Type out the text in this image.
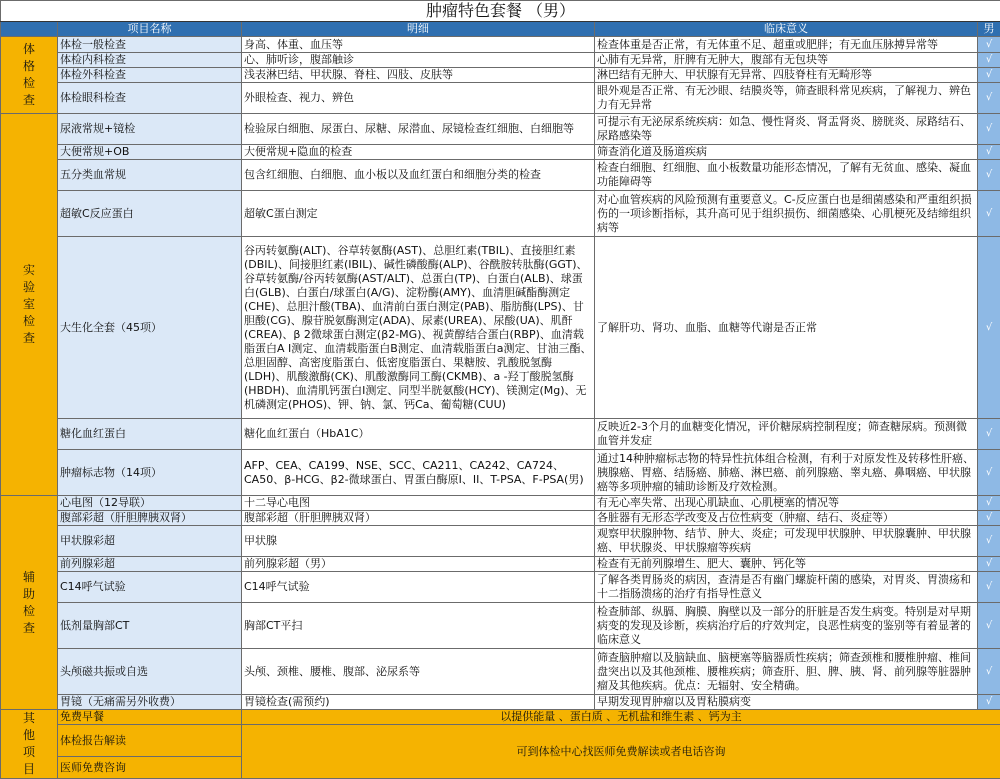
肿瘤特色套餐 （男）				
	项目名称	明细	临床意义	男
体
格
检
查	体检一般检查	身高、体重、血压等	检查体重是否正常，有无体重不足、超重或肥胖；有无血压脉搏异常等	√
	体检内科检查	心、肺听诊，腹部触诊	心肺有无异常，肝脾有无肿大，腹部有无包块等	√
	体检外科检查	浅表淋巴结、甲状腺、脊柱、四肢、皮肤等	淋巴结有无肿大、甲状腺有无异常、四肢脊柱有无畸形等	√
	体检眼科检查	外眼检查、视力、辨色	眼外观是否正常、有无沙眼、结膜炎等，筛查眼科常见疾病，了解视力、辨色力有无异常	√
实
验
室
检
查	尿液常规+镜检	检验尿白细胞、尿蛋白、尿糖、尿潜血、尿镜检查红细胞、白细胞等	可提示有无泌尿系统疾病：如急、慢性肾炎、肾盂肾炎、膀胱炎、尿路结石、尿路感染等	√
	大便常规+OB	大便常规+隐血的检查	筛查消化道及肠道疾病	√
	五分类血常规	包含红细胞、白细胞、血小板以及血红蛋白和细胞分类的检查	检查白细胞、红细胞、血小板数量功能形态情况，了解有无贫血、感染、凝血功能障碍等	√
	超敏C反应蛋白	超敏C蛋白测定	对心血管疾病的风险预测有重要意义。C-反应蛋白也是细菌感染和严重组织损伤的一项诊断指标，其升高可见于组织损伤、细菌感染、心肌梗死及结缔组织病等	√
	大生化全套（45项）	谷丙转氨酶(ALT)、谷草转氨酶(AST)、总胆红素(TBIL)、直接胆红素(DBIL)、间接胆红素(IBIL)、碱性磷酸酶(ALP)、谷酰胺转肽酶(GGT)、谷草转氨酶/谷丙转氨酶(AST/ALT)、总蛋白(TP)、白蛋白(ALB)、球蛋白(GLB)、白蛋白/球蛋白(A/G)、淀粉酶(AMY)、血清胆碱酯酶测定(CHE)、总胆汁酸(TBA)、血清前白蛋白测定(PAB)、脂肪酶(LPS)、甘胆酸(CG)、腺苷脱氨酶测定(ADA)、尿素(UREA)、尿酸(UA)、肌酐(CREA)、β 2微球蛋白测定(β2-MG)、视黄醇结合蛋白(RBP)、血清载脂蛋白A I测定、血清载脂蛋白B测定、血清载脂蛋白a测定、甘油三酯、总胆固醇、高密度脂蛋白、低密度脂蛋白、果糖胺、乳酸脱氢酶(LDH)、肌酸激酶(CK)、肌酸激酶同工酶(CKMB)、a -羟丁酸脱氢酶(HBDH)、血清肌钙蛋白I测定、同型半胱氨酸(HCY)、镁测定(Mg)、无机磷测定(PHOS)、钾、钠、氯、钙Ca、葡萄糖(CUU)	了解肝功、肾功、血脂、血糖等代谢是否正常	√
	糖化血红蛋白	糖化血红蛋白（HbA1C）	反映近2-3个月的血糖变化情况，评价糖尿病控制程度；筛查糖尿病。预测微血管并发症	√
	肿瘤标志物（14项）	AFP、CEA、CA199、NSE、SCC、CA211、CA242、CA724、CA50、β-HCG、β2-微球蛋白、胃蛋白酶原I、II、T-PSA、F-PSA(男)	通过14种肿瘤标志物的特异性抗体组合检测，有利于对原发性及转移性肝癌、胰腺癌、胃癌、结肠癌、肺癌、淋巴癌、前列腺癌、睾丸癌、鼻咽癌、甲状腺癌等多项肿瘤的辅助诊断及疗效检测。	√
辅
助
检
查	心电图（12导联）	十二导心电图	有无心率失常、出现心肌缺血、心肌梗塞的情况等	√
	腹部彩超（肝胆脾胰双肾）	腹部彩超（肝胆脾胰双肾）	各脏器有无形态学改变及占位性病变（肿瘤、结石、炎症等）	√
	甲状腺彩超	甲状腺	观察甲状腺肿物、结节、肿大、炎症；可发现甲状腺肿、甲状腺囊肿、甲状腺癌、甲状腺炎、甲状腺瘤等疾病	√
	前列腺彩超	前列腺彩超（男）	检查有无前列腺增生、肥大、囊肿、钙化等	√
	C14呼气试验	C14呼气试验	了解各类胃肠炎的病因，查清是否有幽门螺旋杆菌的感染，对胃炎、胃溃疡和十二指肠溃疡的治疗有指导性意义	√
	低剂量胸部CT	胸部CT平扫	检查肺部、纵膈、胸膜、胸壁以及一部分的肝脏是否发生病变。特别是对早期病变的发现及诊断，疾病治疗后的疗效判定，良恶性病变的鉴别等有着显著的临床意义	√
	头颅磁共振或自选	头颅、颈椎、腰椎、腹部、泌尿系等	筛查脑肿瘤以及脑缺血、脑梗塞等脑器质性疾病；筛查颈椎和腰椎肿瘤、椎间盘突出以及其他颈椎、腰椎疾病；筛查肝、胆、脾、胰、肾、前列腺等脏器肿瘤及其他疾病。优点：无辐射、安全精确。	√
	胃镜（无痛需另外收费）	胃镜检查(需预约)	早期发现胃肿瘤以及胃粘膜病变	√
其
他
项
目	免费早餐	以提供能量 、蛋白质 、无机盐和维生素 、钙为主		
	体检报告解读	可到体检中心找医师免费解读或者电话咨询		
	医师免费咨询			
